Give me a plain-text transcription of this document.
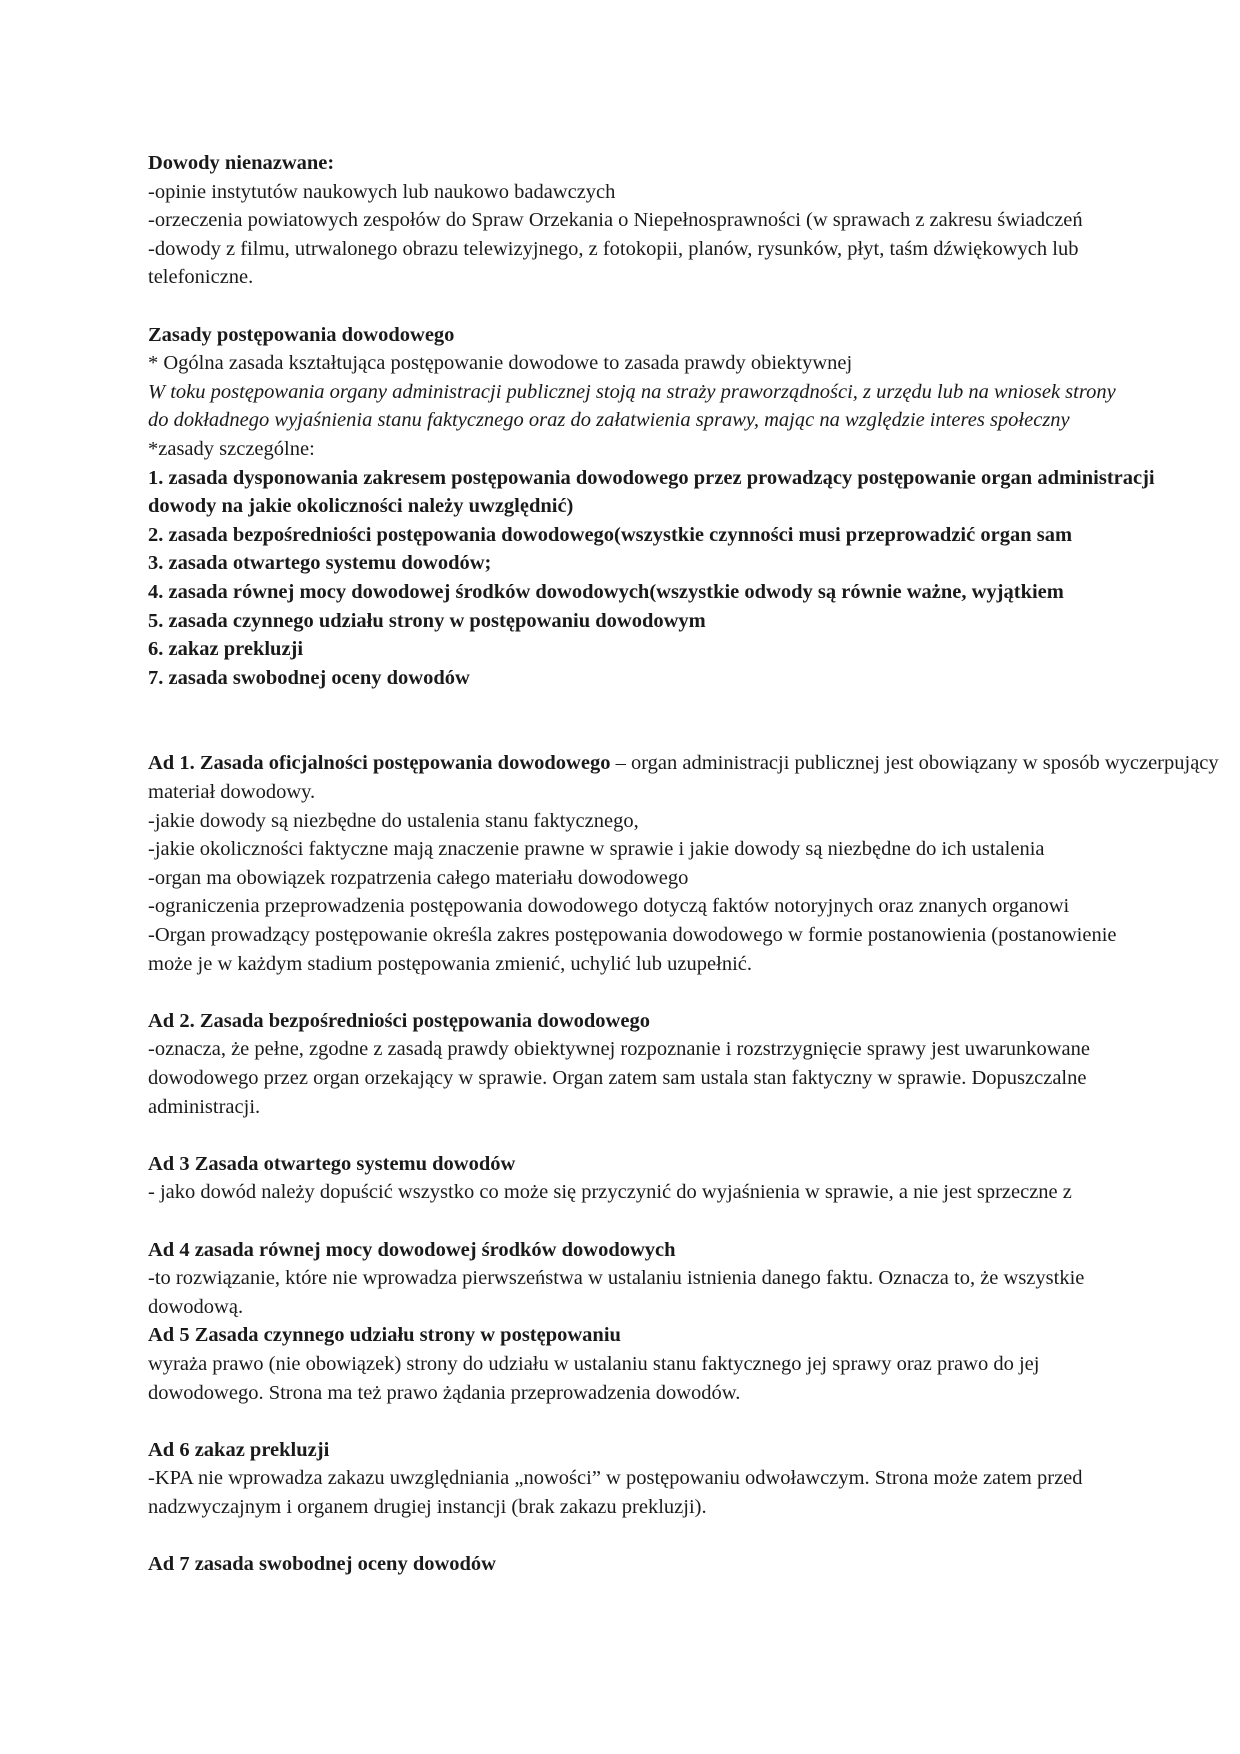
Dowody nienazwane:
-opinie instytutów naukowych lub naukowo badawczych
-orzeczenia powiatowych zespołów do Spraw Orzekania o Niepełnosprawności (w sprawach z zakresu świadczeń
-dowody z filmu, utrwalonego obrazu telewizyjnego, z fotokopii, planów, rysunków, płyt, taśm dźwiękowych lub
telefoniczne.
Zasady postępowania dowodowego
* Ogólna zasada kształtująca postępowanie dowodowe to zasada prawdy obiektywnej
W toku postępowania organy administracji publicznej stoją na straży praworządności, z urzędu lub na wniosek strony
do dokładnego wyjaśnienia stanu faktycznego oraz do załatwienia sprawy, mając na względzie interes społeczny
*zasady szczególne:
1. zasada dysponowania zakresem postępowania dowodowego przez prowadzący postępowanie organ administracji
dowody na jakie okoliczności należy uwzględnić)
2. zasada bezpośredniości postępowania dowodowego(wszystkie czynności musi przeprowadzić organ sam
3. zasada otwartego systemu dowodów;
4. zasada równej mocy dowodowej środków dowodowych(wszystkie odwody są równie ważne, wyjątkiem
5. zasada czynnego udziału strony w postępowaniu dowodowym
6. zakaz prekluzji
7. zasada swobodnej oceny dowodów
Ad 1. Zasada oficjalności postępowania dowodowego – organ administracji publicznej jest obowiązany w sposób wyczerpujący
materiał dowodowy.
-jakie dowody są niezbędne do ustalenia stanu faktycznego,
-jakie okoliczności faktyczne mają znaczenie prawne w sprawie i jakie dowody są niezbędne do ich ustalenia
-organ ma obowiązek rozpatrzenia całego materiału dowodowego
-ograniczenia przeprowadzenia postępowania dowodowego dotyczą faktów notoryjnych oraz znanych organowi
-Organ prowadzący postępowanie określa zakres postępowania dowodowego w formie postanowienia (postanowienie
może je w każdym stadium postępowania zmienić, uchylić lub uzupełnić.
Ad 2. Zasada bezpośredniości postępowania dowodowego
-oznacza, że pełne, zgodne z zasadą prawdy obiektywnej rozpoznanie i rozstrzygnięcie sprawy jest uwarunkowane
dowodowego przez organ orzekający w sprawie. Organ zatem sam ustala stan faktyczny w sprawie. Dopuszczalne
administracji.
Ad 3 Zasada otwartego systemu dowodów
- jako dowód należy dopuścić wszystko co może się przyczynić do wyjaśnienia w sprawie, a nie jest sprzeczne z
Ad 4 zasada równej mocy dowodowej środków dowodowych
-to rozwiązanie, które nie wprowadza pierwszeństwa w ustalaniu istnienia danego faktu. Oznacza to, że wszystkie
dowodową.
Ad 5 Zasada czynnego udziału strony w postępowaniu
wyraża prawo (nie obowiązek) strony do udziału w ustalaniu stanu faktycznego jej sprawy oraz prawo do jej
dowodowego. Strona ma też prawo żądania przeprowadzenia dowodów.
Ad 6 zakaz prekluzji
-KPA nie wprowadza zakazu uwzględniania „nowości” w postępowaniu odwoławczym. Strona może zatem przed
nadzwyczajnym i organem drugiej instancji (brak zakazu prekluzji).
Ad 7 zasada swobodnej oceny dowodów
